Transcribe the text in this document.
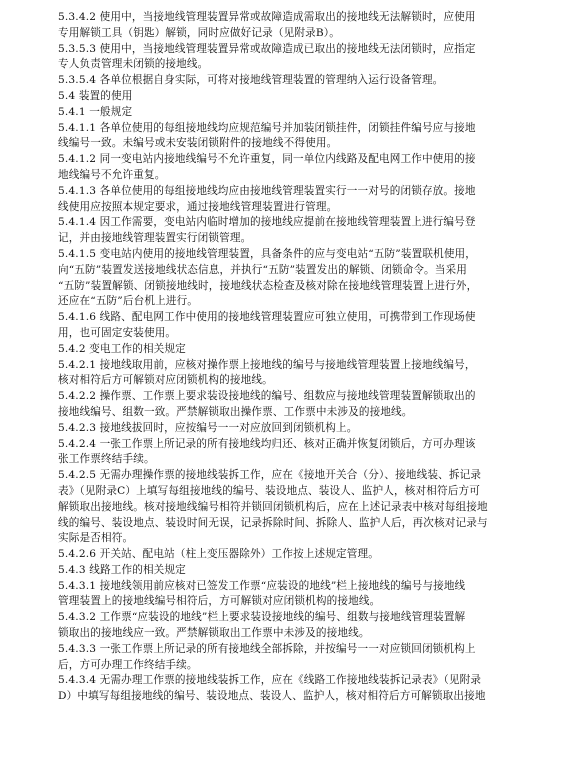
5.3.4.2 使用中，当接地线管理装置异常或故障造成需取出的接地线无法解锁时，应使用
专用解锁工具（钥匙）解锁，同时应做好记录（见附录B）。
5.3.5.3 使用中，当接地线管理装置异常或故障造成已取出的接地线无法闭锁时，应指定
专人负责管理未闭锁的接地线。
5.3.5.4 各单位根据自身实际，可将对接地线管理装置的管理纳入运行设备管理。
5.4 装置的使用
5.4.1 一般规定
5.4.1.1 各单位使用的每组接地线均应规范编号并加装闭锁挂件，闭锁挂件编号应与接地
线编号一致。未编号或未安装闭锁附件的接地线不得使用。
5.4.1.2 同一变电站内接地线编号不允许重复，同一单位内线路及配电网工作中使用的接
地线编号不允许重复。
5.4.1.3 各单位使用的每组接地线均应由接地线管理装置实行一一对号的闭锁存放。接地
线使用应按照本规定要求，通过接地线管理装置进行管理。
5.4.1.4 因工作需要，变电站内临时增加的接地线应提前在接地线管理装置上进行编号登
记，并由接地线管理装置实行闭锁管理。
5.4.1.5 变电站内使用的接地线管理装置，具备条件的应与变电站“五防”装置联机使用，
向“五防”装置发送接地线状态信息，并执行“五防”装置发出的解锁、闭锁命令。当采用
“五防”装置解锁、闭锁接地线时，接地线状态检查及核对除在接地线管理装置上进行外，
还应在“五防”后台机上进行。
5.4.1.6 线路、配电网工作中使用的接地线管理装置应可独立使用，可携带到工作现场使
用，也可固定安装使用。
5.4.2 变电工作的相关规定
5.4.2.1 接地线取用前，应核对操作票上接地线的编号与接地线管理装置上接地线编号，
核对相符后方可解锁对应闭锁机构的接地线。
5.4.2.2 操作票、工作票上要求装设接地线的编号、组数应与接地线管理装置解锁取出的
接地线编号、组数一致。严禁解锁取出操作票、工作票中未涉及的接地线。
5.4.2.3 接地线拔回时，应按编号一一对应放回到闭锁机构上。
5.4.2.4 一张工作票上所记录的所有接地线均归还、核对正确并恢复闭锁后，方可办理该
张工作票终结手续。
5.4.2.5 无需办理操作票的接地线装拆工作，应在《接地开关合（分）、接地线装、拆记录
表》（见附录C）上填写每组接地线的编号、装设地点、装设人、监护人，核对相符后方可
解锁取出接地线。核对接地线编号相符并锁回闭锁机构后，应在上述记录表中核对每组接地
线的编号、装设地点、装设时间无误，记录拆除时间、拆除人、监护人后，再次核对记录与
实际是否相符。
5.4.2.6 开关站、配电站（柱上变压器除外）工作按上述规定管理。
5.4.3 线路工作的相关规定
5.4.3.1 接地线领用前应核对已签发工作票“应装设的地线”栏上接地线的编号与接地线
管理装置上的接地线编号相符后，方可解锁对应闭锁机构的接地线。
5.4.3.2 工作票“应装设的地线”栏上要求装设接地线的编号、组数与接地线管理装置解
锁取出的接地线应一致。严禁解锁取出工作票中未涉及的接地线。
5.4.3.3 一张工作票上所记录的所有接地线全部拆除，并按编号一一对应锁回闭锁机构上
后，方可办理工作终结手续。
5.4.3.4 无需办理工作票的接地线装拆工作，应在《线路工作接地线装拆记录表》（见附录
D）中填写每组接地线的编号、装设地点、装设人、监护人，核对相符后方可解锁取出接地
